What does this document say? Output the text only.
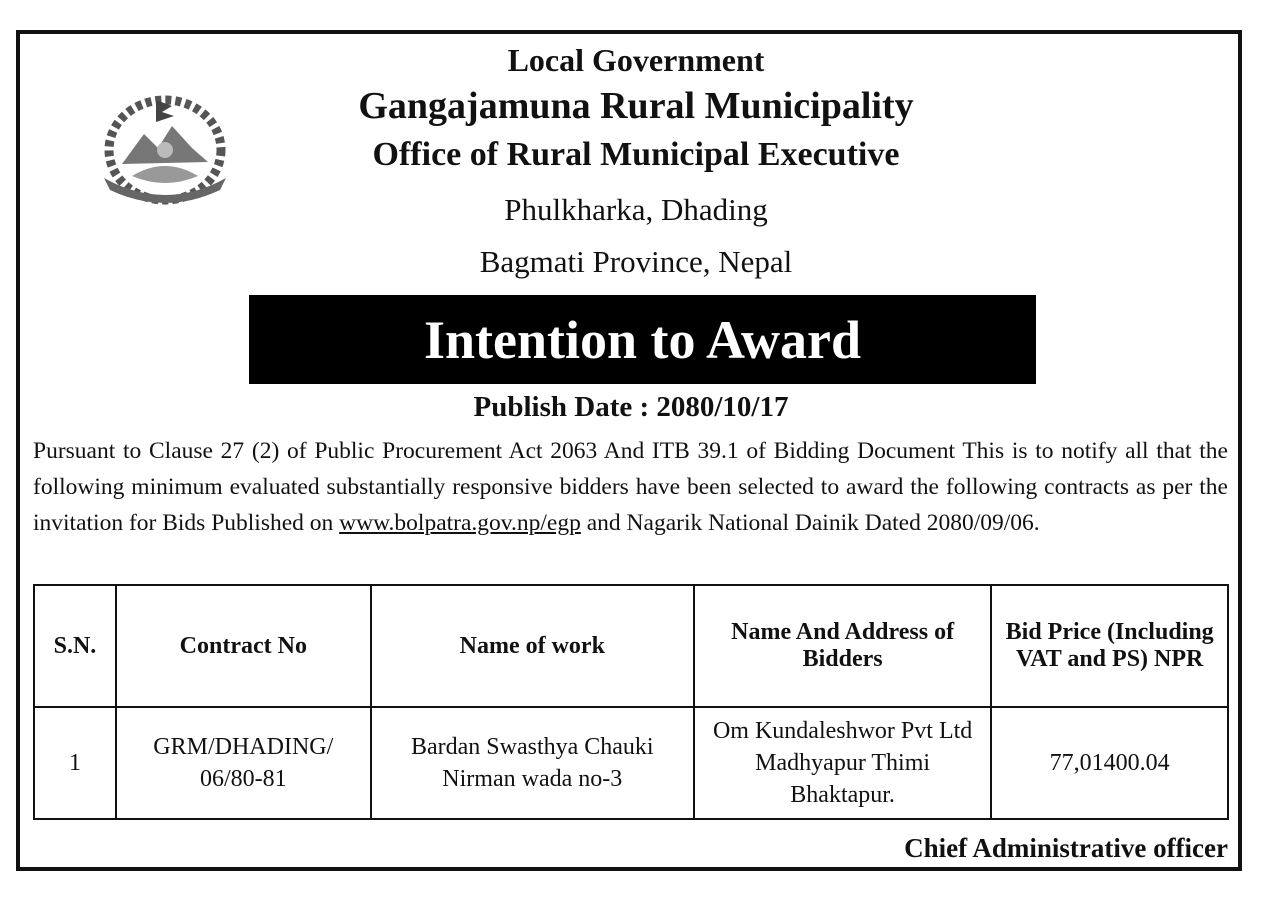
Local Government
Gangajamuna Rural Municipality
Office of Rural Municipal Executive
Phulkharka, Dhading
Bagmati Province, Nepal
Intention to Award
Publish Date : 2080/10/17
Pursuant to Clause 27 (2) of Public Procurement Act 2063 And ITB 39.1 of Bidding Document This is to notify all that the following minimum evaluated substantially responsive bidders have been selected to award the following contracts as per the invitation for Bids Published on www.bolpatra.gov.np/egp and Nagarik National Dainik Dated 2080/09/06.
S.N.	Contract No	Name of work	Name And Address of Bidders	Bid Price (Including VAT and PS) NPR
1	GRM/DHADING/ 06/80-81	Bardan Swasthya Chauki Nirman wada no-3	Om Kundaleshwor Pvt Ltd Madhyapur Thimi Bhaktapur.	77,01400.04
Chief Administrative officer
